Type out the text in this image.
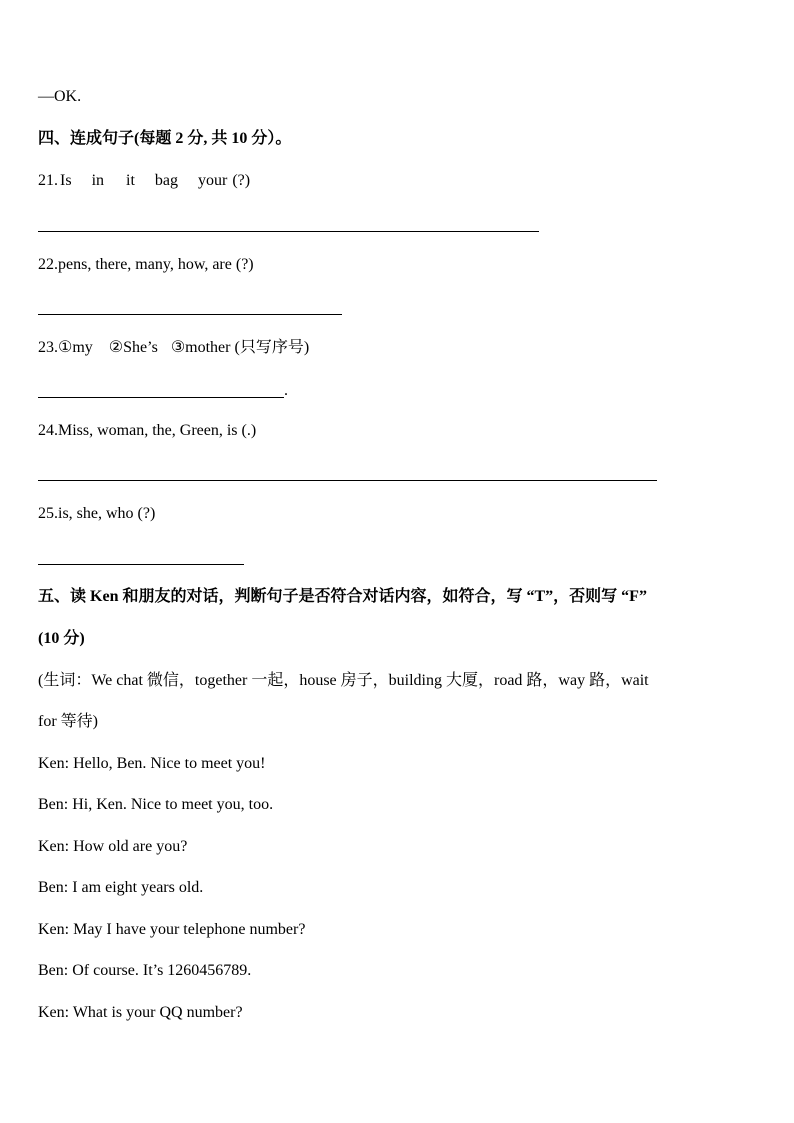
—OK.
四、连成句子(每题 2 分, 共 10 分）。
21. Is in it bag your (?)
22.pens, there, many, how, are (?)
23.①my ②She’s ③mother (只写序号)
.
24.Miss, woman, the, Green, is (.)
25.is, she, who (?)
五、读 Ken 和朋友的对话，判断句子是否符合对话内容，如符合，写 “T”，否则写 “F”
(10 分)
(生词：We chat 微信，together 一起，house 房子，building 大厦，road 路，way 路，wait
for 等待)
Ken: Hello, Ben. Nice to meet you!
Ben: Hi, Ken. Nice to meet you, too.
Ken: How old are you?
Ben: I am eight years old.
Ken: May I have your telephone number?
Ben: Of course. It’s 1260456789.
Ken: What is your QQ number?
